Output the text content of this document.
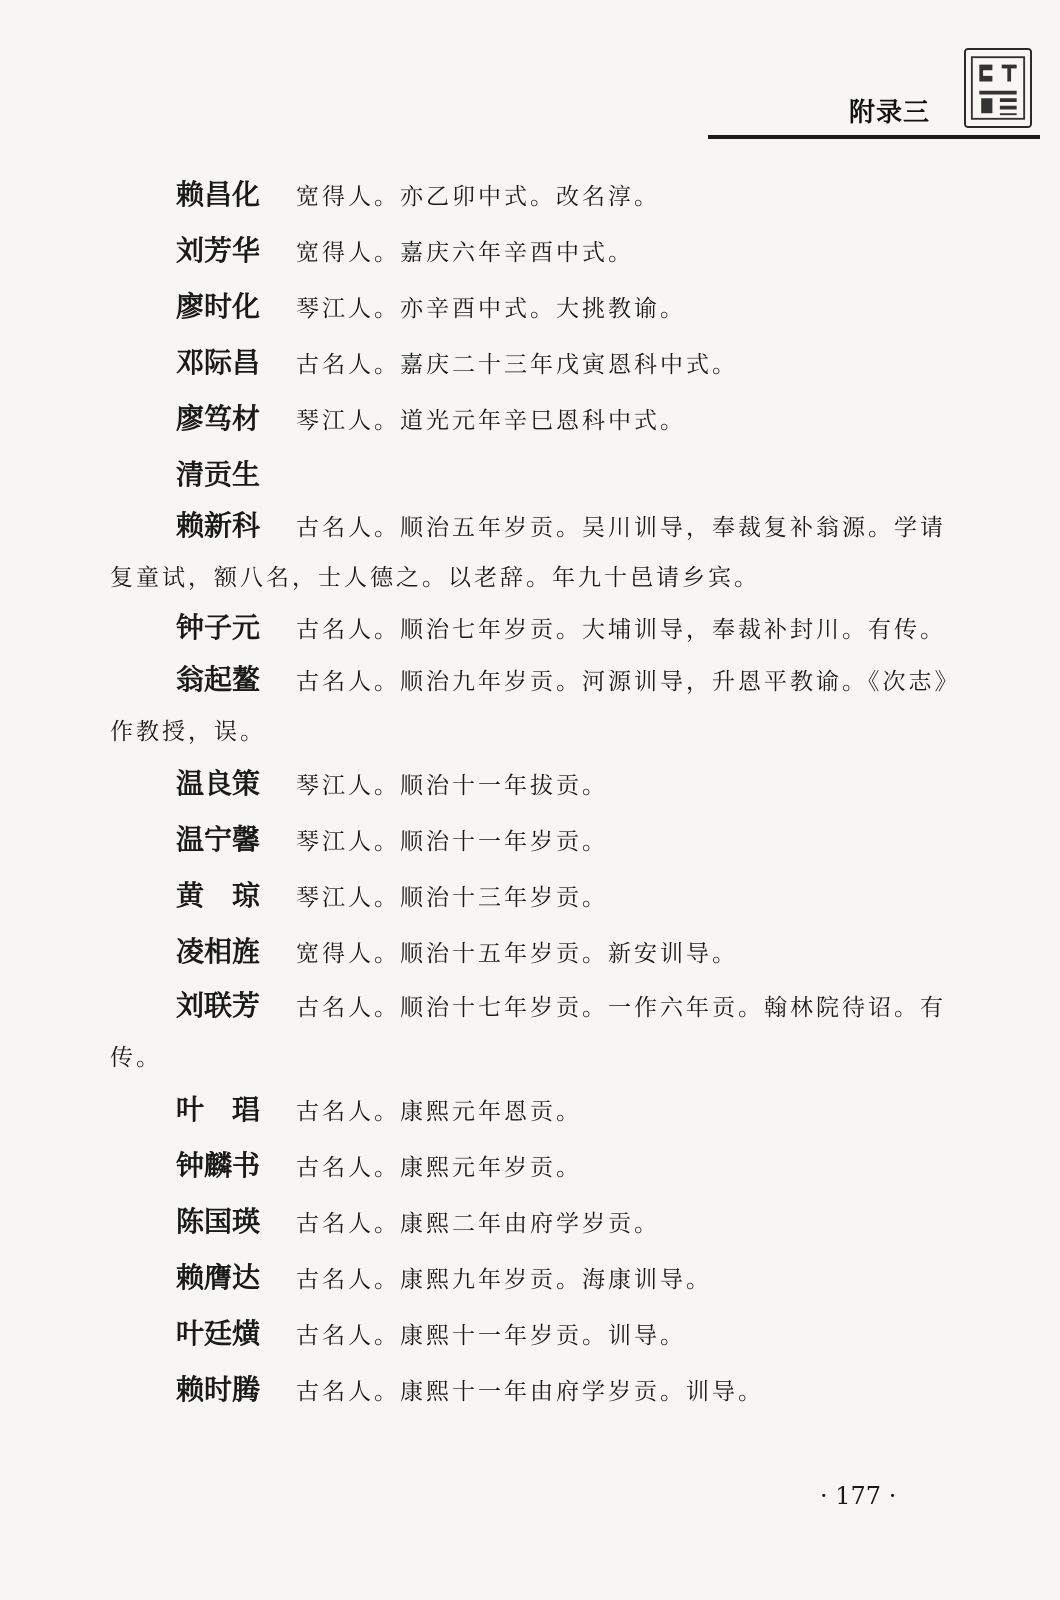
附录三
赖昌化 宽得人。亦乙卯中式。改名淳。
刘芳华 宽得人。嘉庆六年辛酉中式。
廖时化 琴江人。亦辛酉中式。大挑教谕。
邓际昌 古名人。嘉庆二十三年戊寅恩科中式。
廖笃材 琴江人。道光元年辛巳恩科中式。
清贡生
赖新科 古名人。顺治五年岁贡。吴川训导，奉裁复补翁源。学请复童试，额八名，士人德之。以老辞。年九十邑请乡宾。
钟子元 古名人。顺治七年岁贡。大埔训导，奉裁补封川。有传。
翁起鳌 古名人。顺治九年岁贡。河源训导，升恩平教谕。《次志》作教授，误。
温良策 琴江人。顺治十一年拔贡。
温宁馨 琴江人。顺治十一年岁贡。
黄　琼 琴江人。顺治十三年岁贡。
凌相旌 宽得人。顺治十五年岁贡。新安训导。
刘联芳 古名人。顺治十七年岁贡。一作六年贡。翰林院待诏。有传。
叶　琩 古名人。康熙元年恩贡。
钟麟书 古名人。康熙元年岁贡。
陈国瑛 古名人。康熙二年由府学岁贡。
赖膺达 古名人。康熙九年岁贡。海康训导。
叶廷熿 古名人。康熙十一年岁贡。训导。
赖时腾 古名人。康熙十一年由府学岁贡。训导。
· 177 ·
